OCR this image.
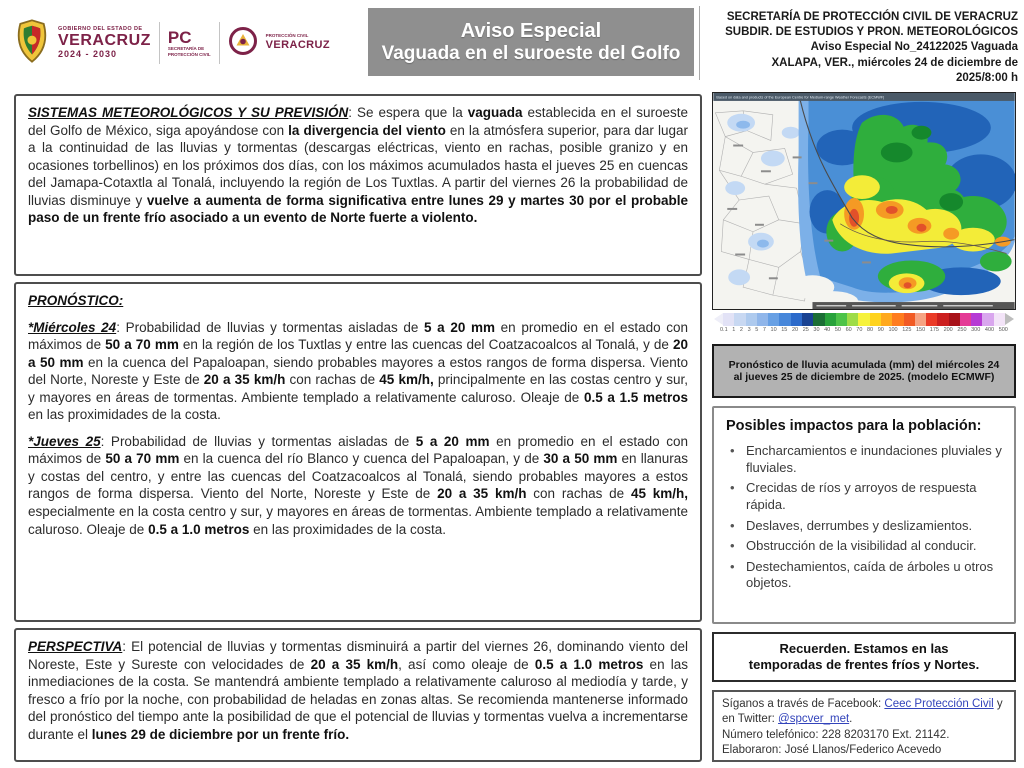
GOBIERNO DEL ESTADO DE
VERACRUZ
2024 - 2030
PC
SECRETARÍA DE
PROTECCIÓN CIVIL
PROTECCIÓN CIVIL
VERACRUZ
Aviso Especial
Vaguada en el suroeste del Golfo
SECRETARÍA DE PROTECCIÓN CIVIL DE VERACRUZ
SUBDIR. DE ESTUDIOS Y PRON. METEOROLÓGICOS
Aviso Especial No_24122025 Vaguada
XALAPA, VER., miércoles 24 de diciembre de
2025/8:00 h

SISTEMAS METEOROLÓGICOS Y SU PREVISIÓN: Se espera que la vaguada establecida en el suroeste del Golfo de México, siga apoyándose con la divergencia del viento en la atmósfera superior, para dar lugar a la continuidad de las lluvias y tormentas (descargas eléctricas, viento en rachas, posible granizo y en ocasiones torbellinos) en los próximos dos días, con los máximos acumulados hasta el jueves 25 en cuencas del Jamapa-Cotaxtla al Tonalá, incluyendo la región de Los Tuxtlas. A partir del viernes 26 la probabilidad de lluvias disminuye y vuelve a aumenta de forma significativa entre lunes 29 y martes 30 por el probable paso de un frente frío asociado a un evento de Norte fuerte a violento.

PRONÓSTICO:

*Miércoles 24: Probabilidad de lluvias y tormentas aisladas de 5 a 20 mm en promedio en el estado con máximos de 50 a 70 mm en la región de los Tuxtlas y entre las cuencas del Coatzacoalcos al Tonalá, y de 20 a 50 mm en la cuenca del Papaloapan, siendo probables mayores a estos rangos de forma dispersa. Viento del Norte, Noreste y Este de 20 a 35 km/h con rachas de 45 km/h, principalmente en las costas centro y sur, y mayores en áreas de tormentas. Ambiente templado a relativamente caluroso. Oleaje de 0.5 a 1.5 metros en las proximidades de la costa.

*Jueves 25: Probabilidad de lluvias y tormentas aisladas de 5 a 20 mm en promedio en el estado con máximos de 50 a 70 mm en la cuenca del río Blanco y cuenca del Papaloapan, y de 30 a 50 mm en llanuras y costas del centro, y entre las cuencas del Coatzacoalcos al Tonalá, siendo probables mayores a estos rangos de forma dispersa. Viento del Norte, Noreste y Este de 20 a 35 km/h con rachas de 45 km/h, especialmente en la costa centro y sur, y mayores en áreas de tormentas. Ambiente templado a relativamente caluroso. Oleaje de 0.5 a 1.0 metros en las proximidades de la costa.

PERSPECTIVA: El potencial de lluvias y tormentas disminuirá a partir del viernes 26, dominando viento del Noreste, Este y Sureste con velocidades de 20 a 35 km/h, así como oleaje de 0.5 a 1.0 metros en las inmediaciones de la costa. Se mantendrá ambiente templado a relativamente caluroso al mediodía y tarde, y fresco a frío por la noche, con probabilidad de heladas en zonas altas. Se recomienda mantenerse informado del pronóstico del tiempo ante la posibilidad de que el potencial de lluvias y tormentas vuelva a incrementarse durante el lunes 29 de diciembre por un frente frío.

Based on data and products of the European Centre for Medium-range Weather Forecasts (ECMWF)
0.1 1 2 3 5 7 10 15 20 25 30 40 50 60 70 80 90 100 125 150 175 200 250 300 400 500
Pronóstico de lluvia acumulada (mm) del miércoles 24 al jueves 25 de diciembre de 2025. (modelo ECMWF)
Posibles impactos para la población:
• Encharcamientos e inundaciones pluviales y fluviales.
• Crecidas de ríos y arroyos de respuesta rápida.
• Deslaves, derrumbes y deslizamientos.
• Obstrucción de la visibilidad al conducir.
• Destechamientos, caída de árboles u otros objetos.
Recuerden. Estamos en las
temporadas de frentes fríos y Nortes.
Síganos a través de Facebook: Ceec Protección Civil y en Twitter: @spcver_met.
Número telefónico: 228 8203170 Ext. 21142.
Elaboraron: José Llanos/Federico Acevedo
